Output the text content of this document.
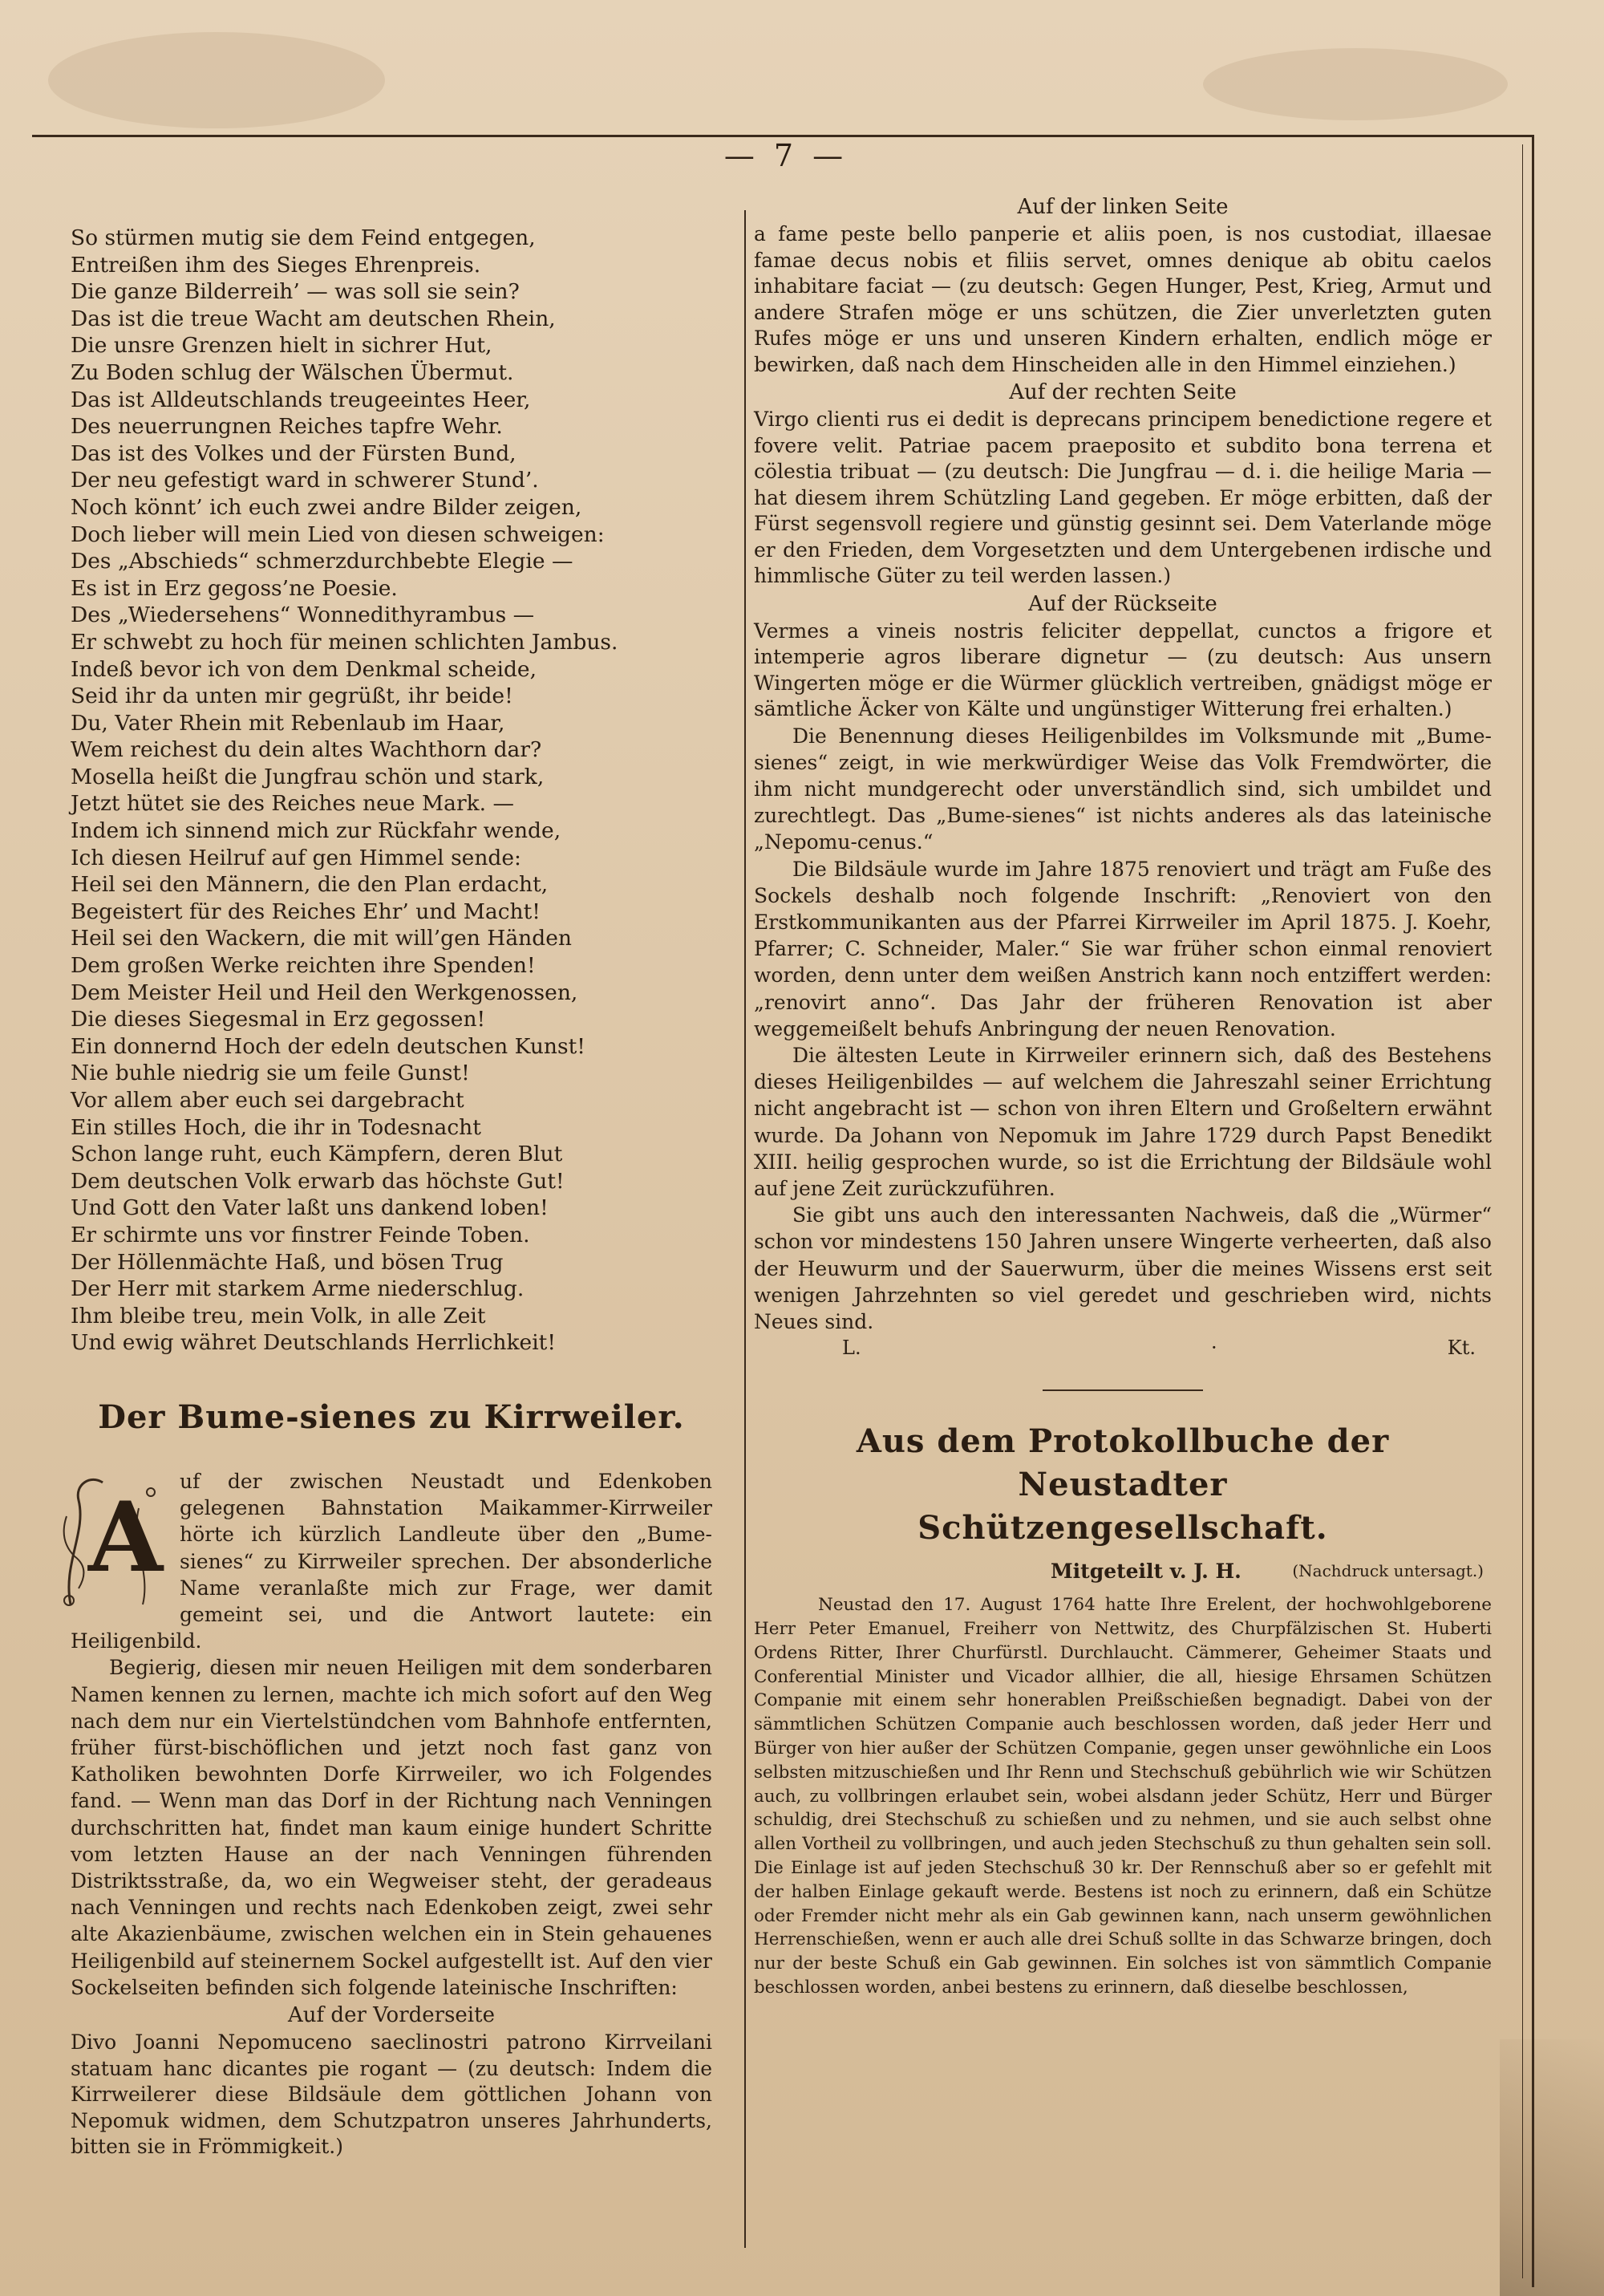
— 7 —

So stürmen mutig sie dem Feind entgegen,

Entreißen ihm des Sieges Ehrenpreis.

Die ganze Bilderreih’ — was soll sie sein?

Das ist die treue Wacht am deutschen Rhein,

Die unsre Grenzen hielt in sichrer Hut,

Zu Boden schlug der Wälschen Übermut.

Das ist Alldeutschlands treugeeintes Heer,

Des neuerrungnen Reiches tapfre Wehr.

Das ist des Volkes und der Fürsten Bund,

Der neu gefestigt ward in schwerer Stund’.

Noch könnt’ ich euch zwei andre Bilder zeigen,

Doch lieber will mein Lied von diesen schweigen:

Des „Abschieds“ schmerzdurchbebte Elegie —

Es ist in Erz gegoss’ne Poesie.

Des „Wiedersehens“ Wonnedithyrambus —

Er schwebt zu hoch für meinen schlichten Jambus.

Indeß bevor ich von dem Denkmal scheide,

Seid ihr da unten mir gegrüßt, ihr beide!

Du, Vater Rhein mit Rebenlaub im Haar,

Wem reichest du dein altes Wachthorn dar?

Mosella heißt die Jungfrau schön und stark,

Jetzt hütet sie des Reiches neue Mark. —

Indem ich sinnend mich zur Rückfahr wende,

Ich diesen Heilruf auf gen Himmel sende:

Heil sei den Männern, die den Plan erdacht,

Begeistert für des Reiches Ehr’ und Macht!

Heil sei den Wackern, die mit will’gen Händen

Dem großen Werke reichten ihre Spenden!

Dem Meister Heil und Heil den Werkgenossen,

Die dieses Siegesmal in Erz gegossen!

Ein donnernd Hoch der edeln deutschen Kunst!

Nie buhle niedrig sie um feile Gunst!

Vor allem aber euch sei dargebracht

Ein stilles Hoch, die ihr in Todesnacht

Schon lange ruht, euch Kämpfern, deren Blut

Dem deutschen Volk erwarb das höchste Gut!

Und Gott den Vater laßt uns dankend loben!

Er schirmte uns vor finstrer Feinde Toben.

Der Höllenmächte Haß, und bösen Trug

Der Herr mit starkem Arme niederschlug.

Ihm bleibe treu, mein Volk, in alle Zeit

Und ewig währet Deutschlands Herrlichkeit!

Der Bume-sienes zu Kirrweiler.
A uf der zwischen Neustadt und Edenkoben gelegenen Bahnstation Maikammer-Kirrweiler hörte ich kürzlich Landleute über den „Bume-sienes“ zu Kirrweiler sprechen. Der absonderliche Name veranlaßte mich zur Frage, wer damit gemeint sei, und die Antwort lautete: ein Heiligenbild.

Begierig, diesen mir neuen Heiligen mit dem sonderbaren Namen kennen zu lernen, machte ich mich sofort auf den Weg nach dem nur ein Viertelstündchen vom Bahnhofe entfernten, früher fürst-bischöflichen und jetzt noch fast ganz von Katholiken bewohnten Dorfe Kirrweiler, wo ich Folgendes fand. — Wenn man das Dorf in der Richtung nach Venningen durchschritten hat, findet man kaum einige hundert Schritte vom letzten Hause an der nach Venningen führenden Distriktsstraße, da, wo ein Wegweiser steht, der geradeaus nach Venningen und rechts nach Edenkoben zeigt, zwei sehr alte Akazienbäume, zwischen welchen ein in Stein gehauenes Heiligenbild auf steinernem Sockel aufgestellt ist. Auf den vier Sockelseiten befinden sich folgende lateinische Inschriften:

Auf der Vorderseite

Divo Joanni Nepomuceno saeclinostri patrono Kirrveilani statuam hanc dicantes pie rogant — (zu deutsch: Indem die Kirrweilerer diese Bildsäule dem göttlichen Johann von Nepomuk widmen, dem Schutzpatron unseres Jahrhunderts, bitten sie in Frömmigkeit.)

Auf der linken Seite

a fame peste bello panperie et aliis poen, is nos custodiat, illaesae famae decus nobis et filiis servet, omnes denique ab obitu caelos inhabitare faciat — (zu deutsch: Gegen Hunger, Pest, Krieg, Armut und andere Strafen möge er uns schützen, die Zier unverletzten guten Rufes möge er uns und unseren Kindern erhalten, endlich möge er bewirken, daß nach dem Hinscheiden alle in den Himmel einziehen.)

Auf der rechten Seite

Virgo clienti rus ei dedit is deprecans principem benedictione regere et fovere velit. Patriae pacem praeposito et subdito bona terrena et cölestia tribuat — (zu deutsch: Die Jungfrau — d. i. die heilige Maria — hat diesem ihrem Schützling Land gegeben. Er möge erbitten, daß der Fürst segensvoll regiere und günstig gesinnt sei. Dem Vaterlande möge er den Frieden, dem Vorgesetzten und dem Untergebenen irdische und himmlische Güter zu teil werden lassen.)

Auf der Rückseite

Vermes a vineis nostris feliciter deppellat, cunctos a frigore et intemperie agros liberare dignetur — (zu deutsch: Aus unsern Wingerten möge er die Würmer glücklich vertreiben, gnädigst möge er sämtliche Äcker von Kälte und ungünstiger Witterung frei erhalten.)

Die Benennung dieses Heiligenbildes im Volksmunde mit „Bume-sienes“ zeigt, in wie merkwürdiger Weise das Volk Fremdwörter, die ihm nicht mundgerecht oder unverständlich sind, sich umbildet und zurechtlegt. Das „Bume-sienes“ ist nichts anderes als das lateinische „Nepomu-cenus.“

Die Bildsäule wurde im Jahre 1875 renoviert und trägt am Fuße des Sockels deshalb noch folgende Inschrift: „Renoviert von den Erstkommunikanten aus der Pfarrei Kirrweiler im April 1875. J. Koehr, Pfarrer; C. Schneider, Maler.“ Sie war früher schon einmal renoviert worden, denn unter dem weißen Anstrich kann noch entziffert werden: „renovirt anno“. Das Jahr der früheren Renovation ist aber weggemeißelt behufs Anbringung der neuen Renovation.

Die ältesten Leute in Kirrweiler erinnern sich, daß des Bestehens dieses Heiligenbildes — auf welchem die Jahreszahl seiner Errichtung nicht angebracht ist — schon von ihren Eltern und Großeltern erwähnt wurde. Da Johann von Nepomuk im Jahre 1729 durch Papst Benedikt XIII. heilig gesprochen wurde, so ist die Errichtung der Bildsäule wohl auf jene Zeit zurückzuführen.

Sie gibt uns auch den interessanten Nachweis, daß die „Würmer“ schon vor mindestens 150 Jahren unsere Wingerte verheerten, daß also der Heuwurm und der Sauerwurm, über die meines Wissens erst seit wenigen Jahrzehnten so viel geredet und geschrieben wird, nichts Neues sind.

L.	·	Kt.
Aus dem Protokollbuche der Neustadter
Schützengesellschaft.
Mitgeteilt v. J. H.	(Nachdruck untersagt.)

Neustad den 17. August 1764 hatte Ihre Erelent, der hochwohlgeborene Herr Peter Emanuel, Freiherr von Nettwitz, des Churpfälzischen St. Huberti Ordens Ritter, Ihrer Churfürstl. Durchlaucht. Cämmerer, Geheimer Staats und Conferential Minister und Vicador allhier, die all, hiesige Ehrsamen Schützen Companie mit einem sehr honerablen Preißschießen begnadigt. Dabei von der sämmtlichen Schützen Companie auch beschlossen worden, daß jeder Herr und Bürger von hier außer der Schützen Companie, gegen unser gewöhnliche ein Loos selbsten mitzuschießen und Ihr Renn und Stechschuß gebührlich wie wir Schützen auch, zu vollbringen erlaubet sein, wobei alsdann jeder Schütz, Herr und Bürger schuldig, drei Stechschuß zu schießen und zu nehmen, und sie auch selbst ohne allen Vortheil zu vollbringen, und auch jeden Stechschuß zu thun gehalten sein soll. Die Einlage ist auf jeden Stechschuß 30 kr. Der Rennschuß aber so er gefehlt mit der halben Einlage gekauft werde. Bestens ist noch zu erinnern, daß ein Schütze oder Fremder nicht mehr als ein Gab gewinnen kann, nach unserm gewöhnlichen Herrenschießen, wenn er auch alle drei Schuß sollte in das Schwarze bringen, doch nur der beste Schuß ein Gab gewinnen. Ein solches ist von sämmtlich Companie beschlossen worden, anbei bestens zu erinnern, daß dieselbe beschlossen,
